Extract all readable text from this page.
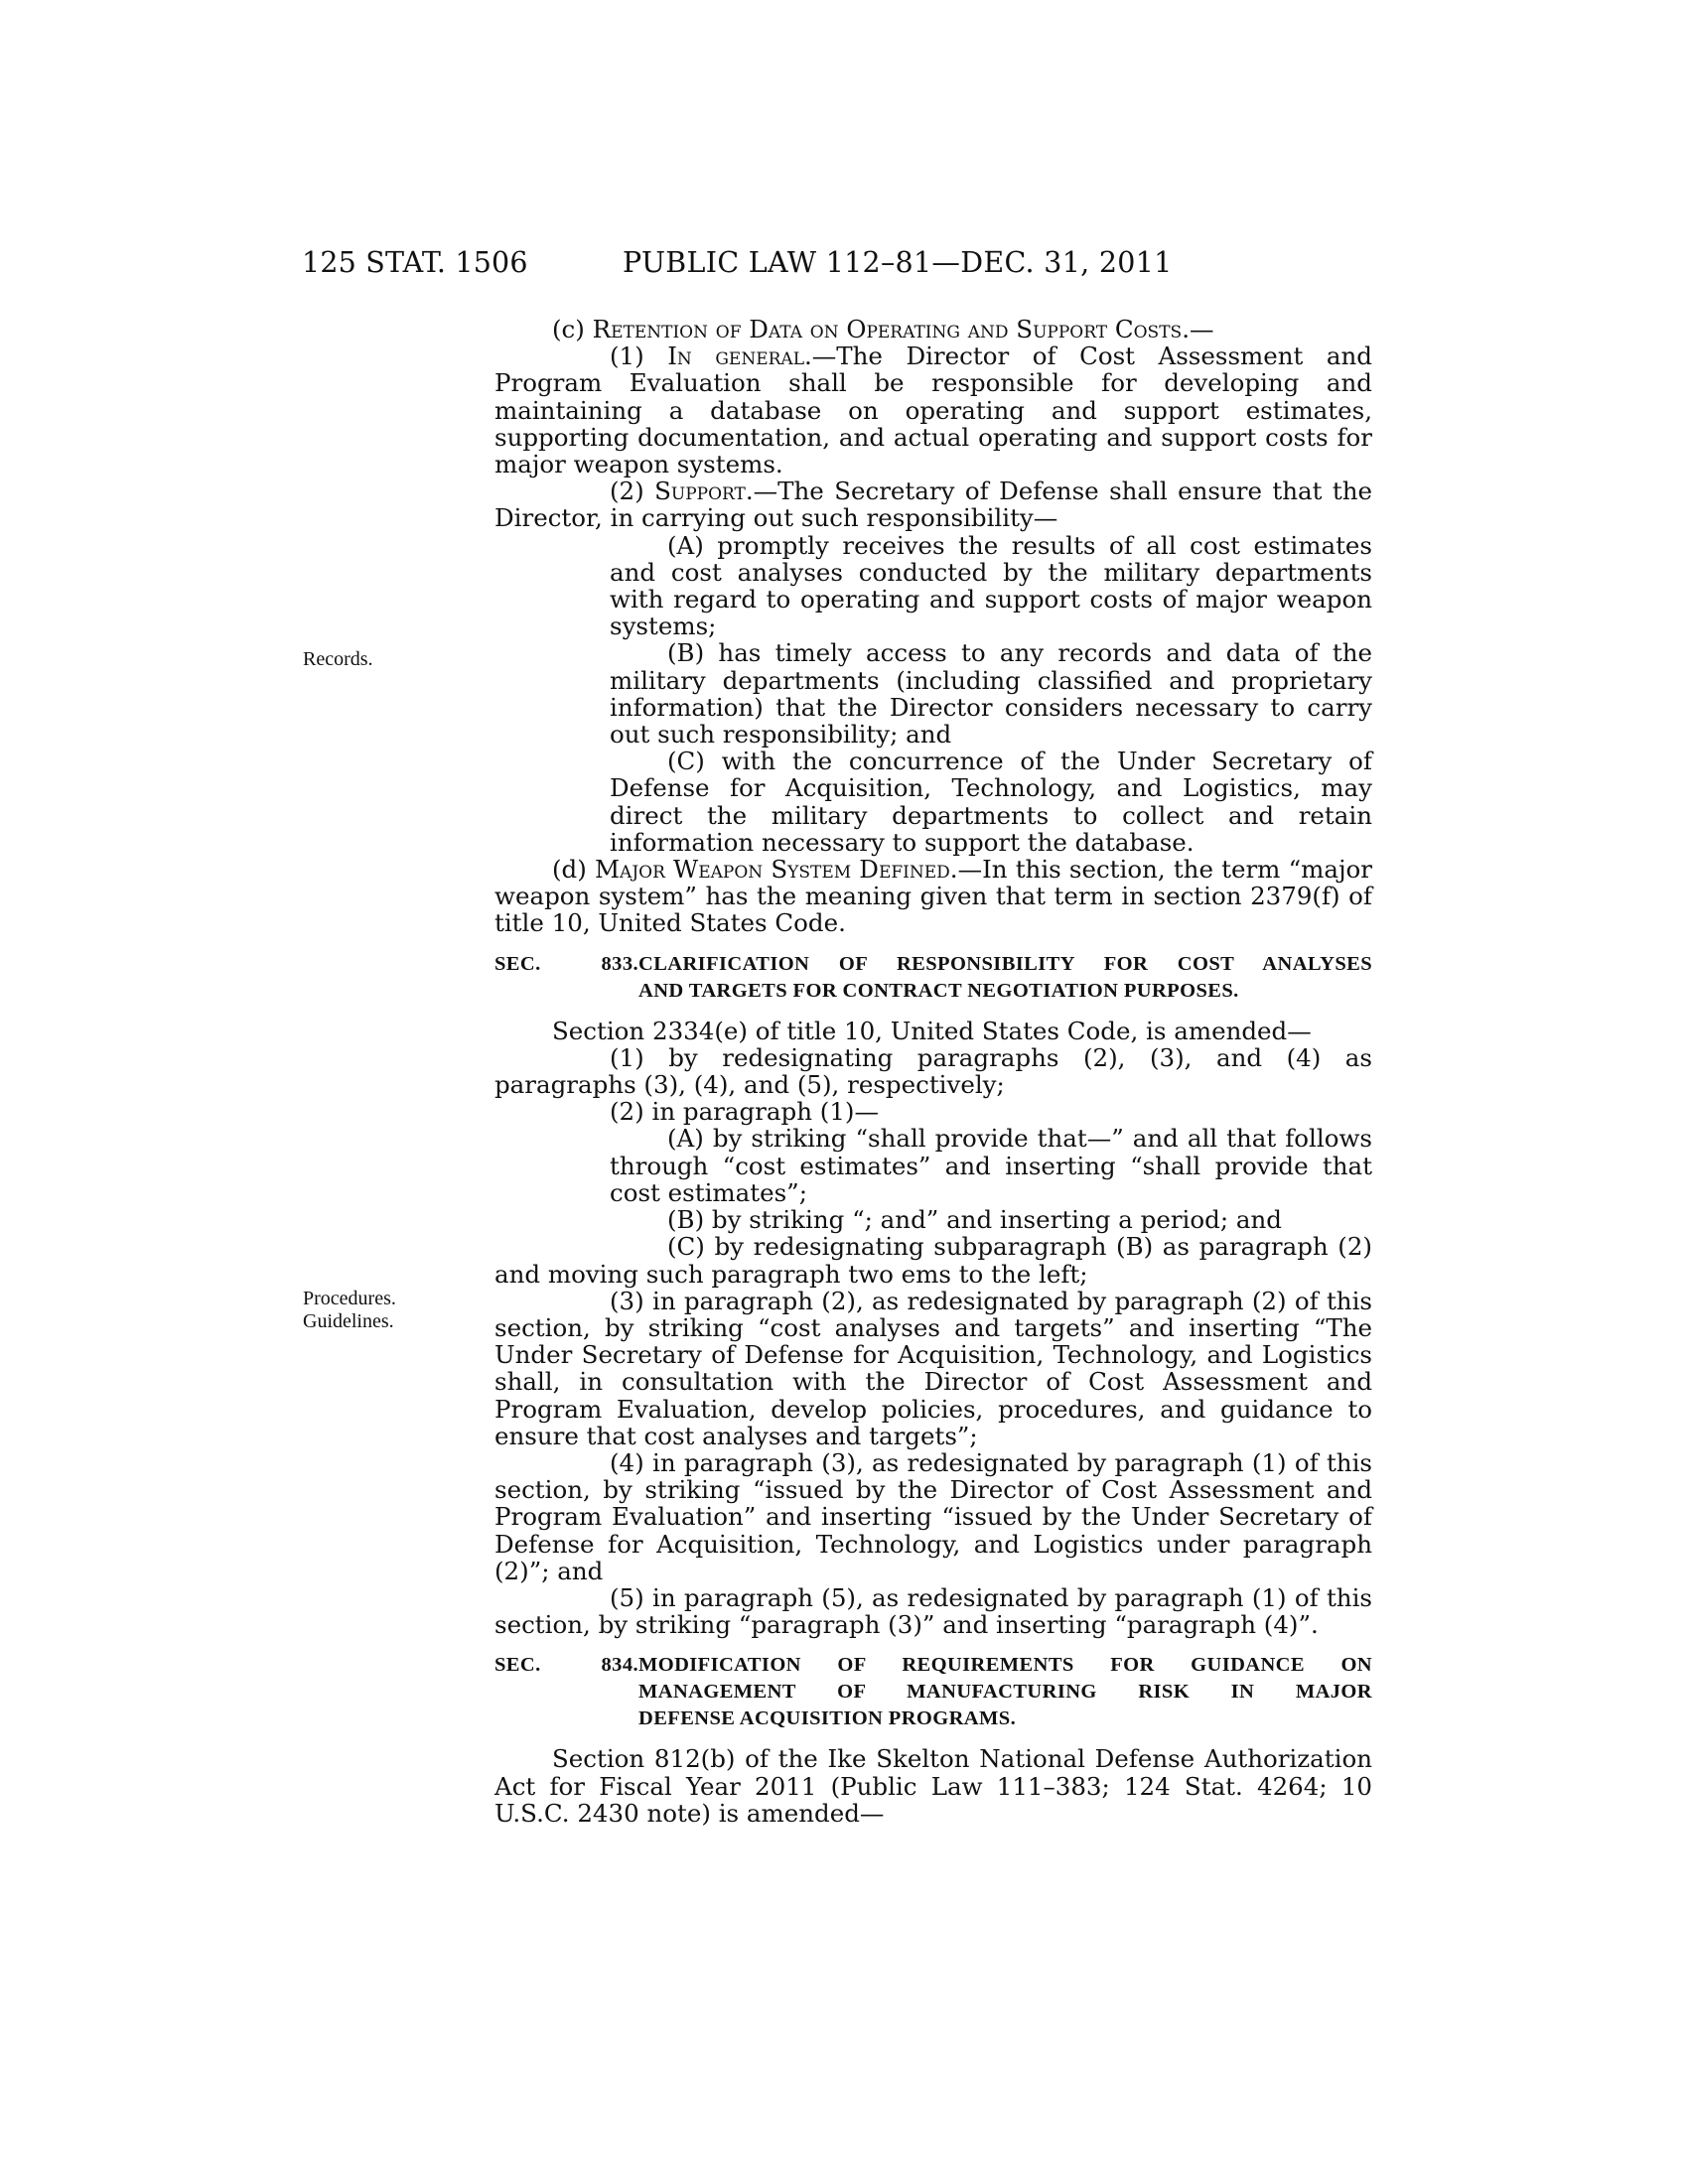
125 STAT. 1506	PUBLIC LAW 112–81—DEC. 31, 2011
Records.
Procedures.
Guidelines.

(c) Retention of Data on Operating and Support Costs.—

(1) In general.—The Director of Cost Assessment and Program Evaluation shall be responsible for developing and maintaining a database on operating and support estimates, supporting documentation, and actual operating and support costs for major weapon systems.

(2) Support.—The Secretary of Defense shall ensure that the Director, in carrying out such responsibility—

(A) promptly receives the results of all cost estimates and cost analyses conducted by the military departments with regard to operating and support costs of major weapon systems;

(B) has timely access to any records and data of the military departments (including classified and proprietary information) that the Director considers necessary to carry out such responsibility; and

(C) with the concurrence of the Under Secretary of Defense for Acquisition, Technology, and Logistics, may direct the military departments to collect and retain information necessary to support the database.

(d) Major Weapon System Defined.—In this section, the term “major weapon system” has the meaning given that term in section 2379(f) of title 10, United States Code.

SEC. 833.CLARIFICATION OF RESPONSIBILITY FOR COST ANALYSES
AND TARGETS FOR CONTRACT NEGOTIATION PURPOSES.

Section 2334(e) of title 10, United States Code, is amended—

(1) by redesignating paragraphs (2), (3), and (4) as paragraphs (3), (4), and (5), respectively;

(2) in paragraph (1)—

(A) by striking “shall provide that—” and all that follows through “cost estimates” and inserting “shall provide that cost estimates”;

(B) by striking “; and” and inserting a period; and

(C) by redesignating subparagraph (B) as paragraph (2) and moving such paragraph two ems to the left;

(3) in paragraph (2), as redesignated by paragraph (2) of this section, by striking “cost analyses and targets” and inserting “The Under Secretary of Defense for Acquisition, Technology, and Logistics shall, in consultation with the Director of Cost Assessment and Program Evaluation, develop policies, procedures, and guidance to ensure that cost analyses and targets”;

(4) in paragraph (3), as redesignated by paragraph (1) of this section, by striking “issued by the Director of Cost Assessment and Program Evaluation” and inserting “issued by the Under Secretary of Defense for Acquisition, Technology, and Logistics under paragraph (2)”; and

(5) in paragraph (5), as redesignated by paragraph (1) of this section, by striking “paragraph (3)” and inserting “paragraph (4)”.

SEC. 834.MODIFICATION OF REQUIREMENTS FOR GUIDANCE ON
MANAGEMENT OF MANUFACTURING RISK IN MAJOR
DEFENSE ACQUISITION PROGRAMS.

Section 812(b) of the Ike Skelton National Defense Authorization Act for Fiscal Year 2011 (Public Law 111–383; 124 Stat. 4264; 10 U.S.C. 2430 note) is amended—
